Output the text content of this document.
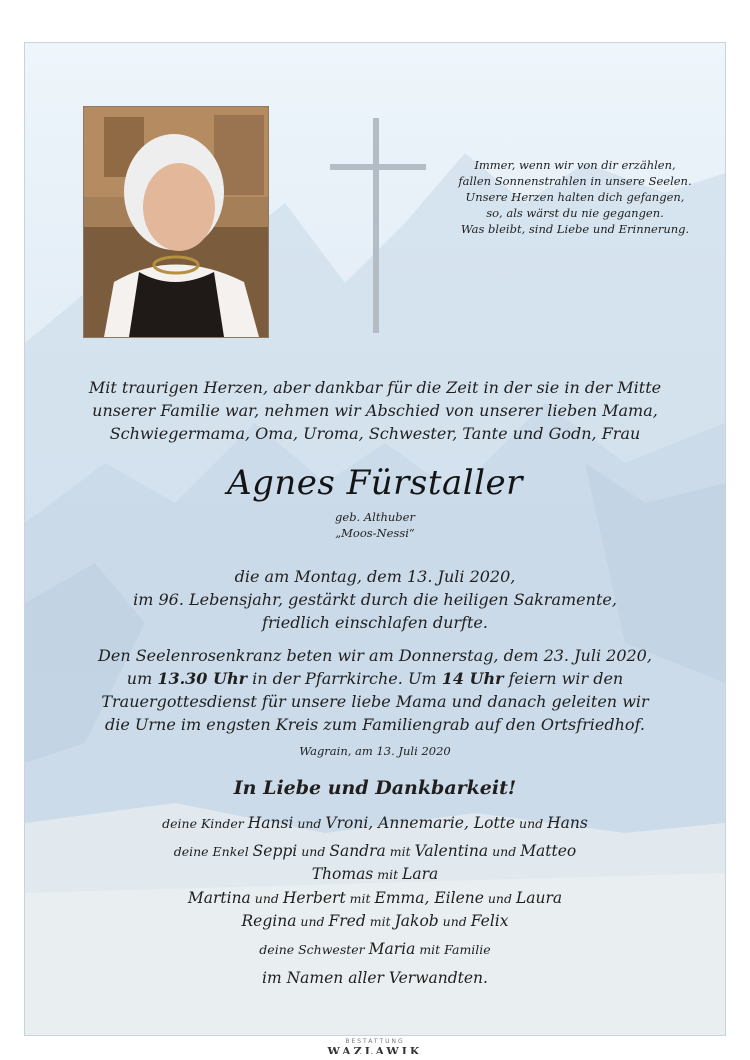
Immer, wenn wir von dir erzählen,
fallen Sonnenstrahlen in unsere Seelen.
Unsere Herzen halten dich gefangen,
so, als wärst du nie gegangen.
Was bleibt, sind Liebe und Erinnerung.
Mit traurigen Herzen, aber dankbar für die Zeit in der sie in der Mitte
unserer Familie war, nehmen wir Abschied von unserer lieben Mama,
Schwiegermama, Oma, Uroma, Schwester, Tante und Godn, Frau
Agnes Fürstaller
geb. Althuber
„Moos-Nessi“
die am Montag, dem 13. Juli 2020,
im 96. Lebensjahr, gestärkt durch die heiligen Sakramente,
friedlich einschlafen durfte.
Den Seelenrosenkranz beten wir am Donnerstag, dem 23. Juli 2020,
um 13.30 Uhr in der Pfarrkirche. Um 14 Uhr feiern wir den
Trauergottesdienst für unsere liebe Mama und danach geleiten wir
die Urne im engsten Kreis zum Familiengrab auf den Ortsfriedhof.
Wagrain, am 13. Juli 2020
In Liebe und Dankbarkeit!
deine Kinder Hansi und Vroni, Annemarie, Lotte und Hans
deine Enkel Seppi und Sandra mit Valentina und Matteo
Thomas mit Lara
Martina und Herbert mit Emma, Eilene und Laura
Regina und Fred mit Jakob und Felix
deine Schwester Maria mit Familie
im Namen aller Verwandten.
BESTATTUNG
WAZLAWIK
